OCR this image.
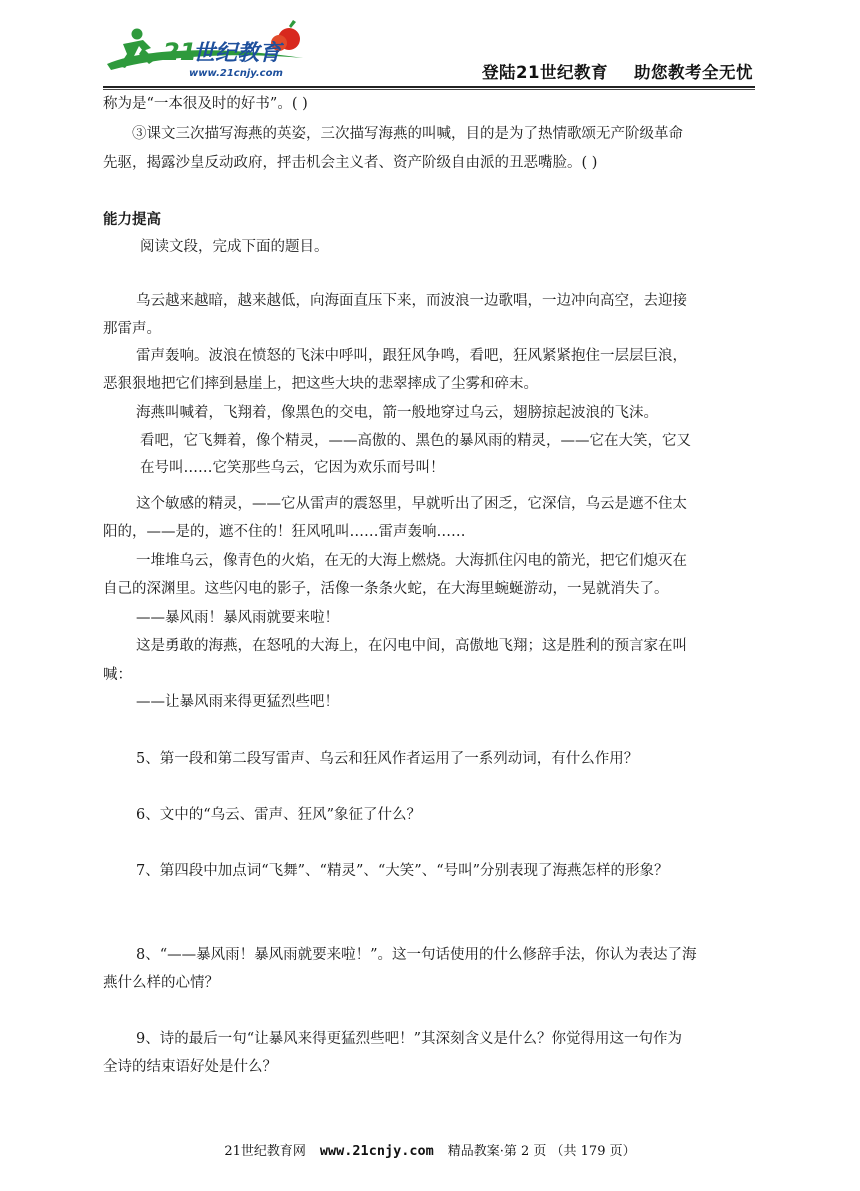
21
世纪教育
www.21cnjy.com	登陆21世纪教育 助您教考全无忧
称为是“一本很及时的好书”。( )
③课文三次描写海燕的英姿，三次描写海燕的叫喊，目的是为了热情歌颂无产阶级革命
先驱，揭露沙皇反动政府，抨击机会主义者、资产阶级自由派的丑恶嘴脸。( )
能力提高
阅读文段，完成下面的题目。
乌云越来越暗，越来越低，向海面直压下来，而波浪一边歌唱，一边冲向高空，去迎接
那雷声。
雷声轰响。波浪在愤怒的飞沫中呼叫，跟狂风争鸣，看吧，狂风紧紧抱住一层层巨浪，
恶狠狠地把它们摔到悬崖上，把这些大块的悲翠摔成了尘雾和碎末。
海燕叫喊着，飞翔着，像黑色的交电，箭一般地穿过乌云，翅膀掠起波浪的飞沫。
看吧，它飞舞着，像个精灵，——高傲的、黑色的暴风雨的精灵，——它在大笑，它又
在号叫……它笑那些乌云，它因为欢乐而号叫！
这个敏感的精灵，——它从雷声的震怒里，早就听出了困乏，它深信，乌云是遮不住太
阳的，——是的，遮不住的！狂风吼叫……雷声轰响……
一堆堆乌云，像青色的火焰，在无的大海上燃烧。大海抓住闪电的箭光，把它们熄灭在
自己的深渊里。这些闪电的影子，活像一条条火蛇，在大海里蜿蜒游动，一晃就消失了。
——暴风雨！暴风雨就要来啦！
这是勇敢的海燕，在怒吼的大海上，在闪电中间，高傲地飞翔；这是胜利的预言家在叫
喊：
——让暴风雨来得更猛烈些吧！
5、第一段和第二段写雷声、乌云和狂风作者运用了一系列动词，有什么作用？
6、文中的“乌云、雷声、狂风”象征了什么？
7、第四段中加点词“飞舞”、“精灵”、“大笑”、“号叫”分别表现了海燕怎样的形象？
8、“——暴风雨！暴风雨就要来啦！”。这一句话使用的什么修辞手法，你认为表达了海
燕什么样的心情？
9、诗的最后一句“让暴风来得更猛烈些吧！”其深刻含义是什么？你觉得用这一句作为
全诗的结束语好处是什么？
21世纪教育网 www.21cnjy.com 精品教案·第 2 页 （共 179 页）
